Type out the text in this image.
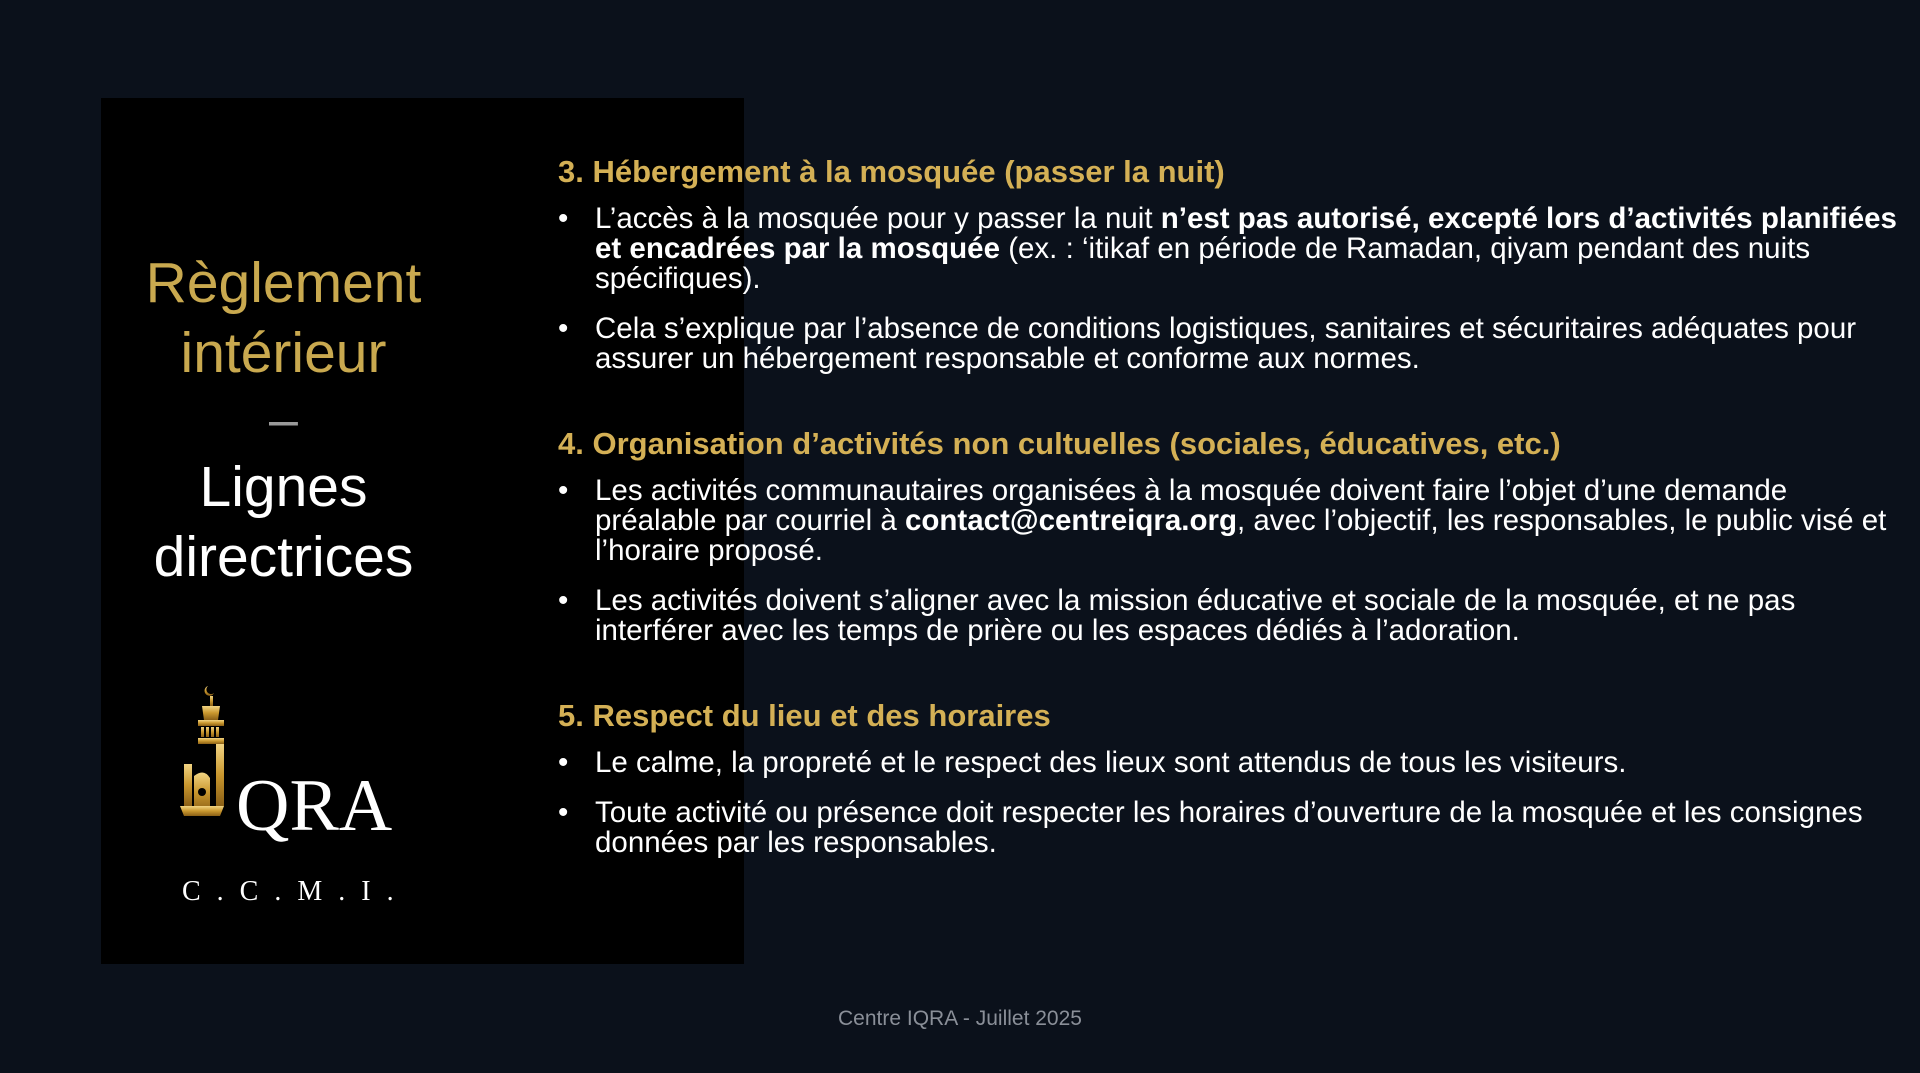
Règlement
intérieur
–
Lignes
directrices
QRA
C.C.M.I.
3. Hébergement à la mosquée (passer la nuit)
• L’accès à la mosquée pour y passer la nuit n’est pas autorisé, excepté lors d’activités planifiées et encadrées par la mosquée (ex. : ‘itikaf en période de Ramadan, qiyam pendant des nuits spécifiques).
• Cela s’explique par l’absence de conditions logistiques, sanitaires et sécuritaires adéquates pour assurer un hébergement responsable et conforme aux normes.
4. Organisation d’activités non cultuelles (sociales, éducatives, etc.)
• Les activités communautaires organisées à la mosquée doivent faire l’objet d’une demande préalable par courriel à contact@centreiqra.org, avec l’objectif, les responsables, le public visé et l’horaire proposé.
• Les activités doivent s’aligner avec la mission éducative et sociale de la mosquée, et ne pas interférer avec les temps de prière ou les espaces dédiés à l’adoration.
5. Respect du lieu et des horaires
• Le calme, la propreté et le respect des lieux sont attendus de tous les visiteurs.
• Toute activité ou présence doit respecter les horaires d’ouverture de la mosquée et les consignes données par les responsables.
Centre IQRA - Juillet 2025
